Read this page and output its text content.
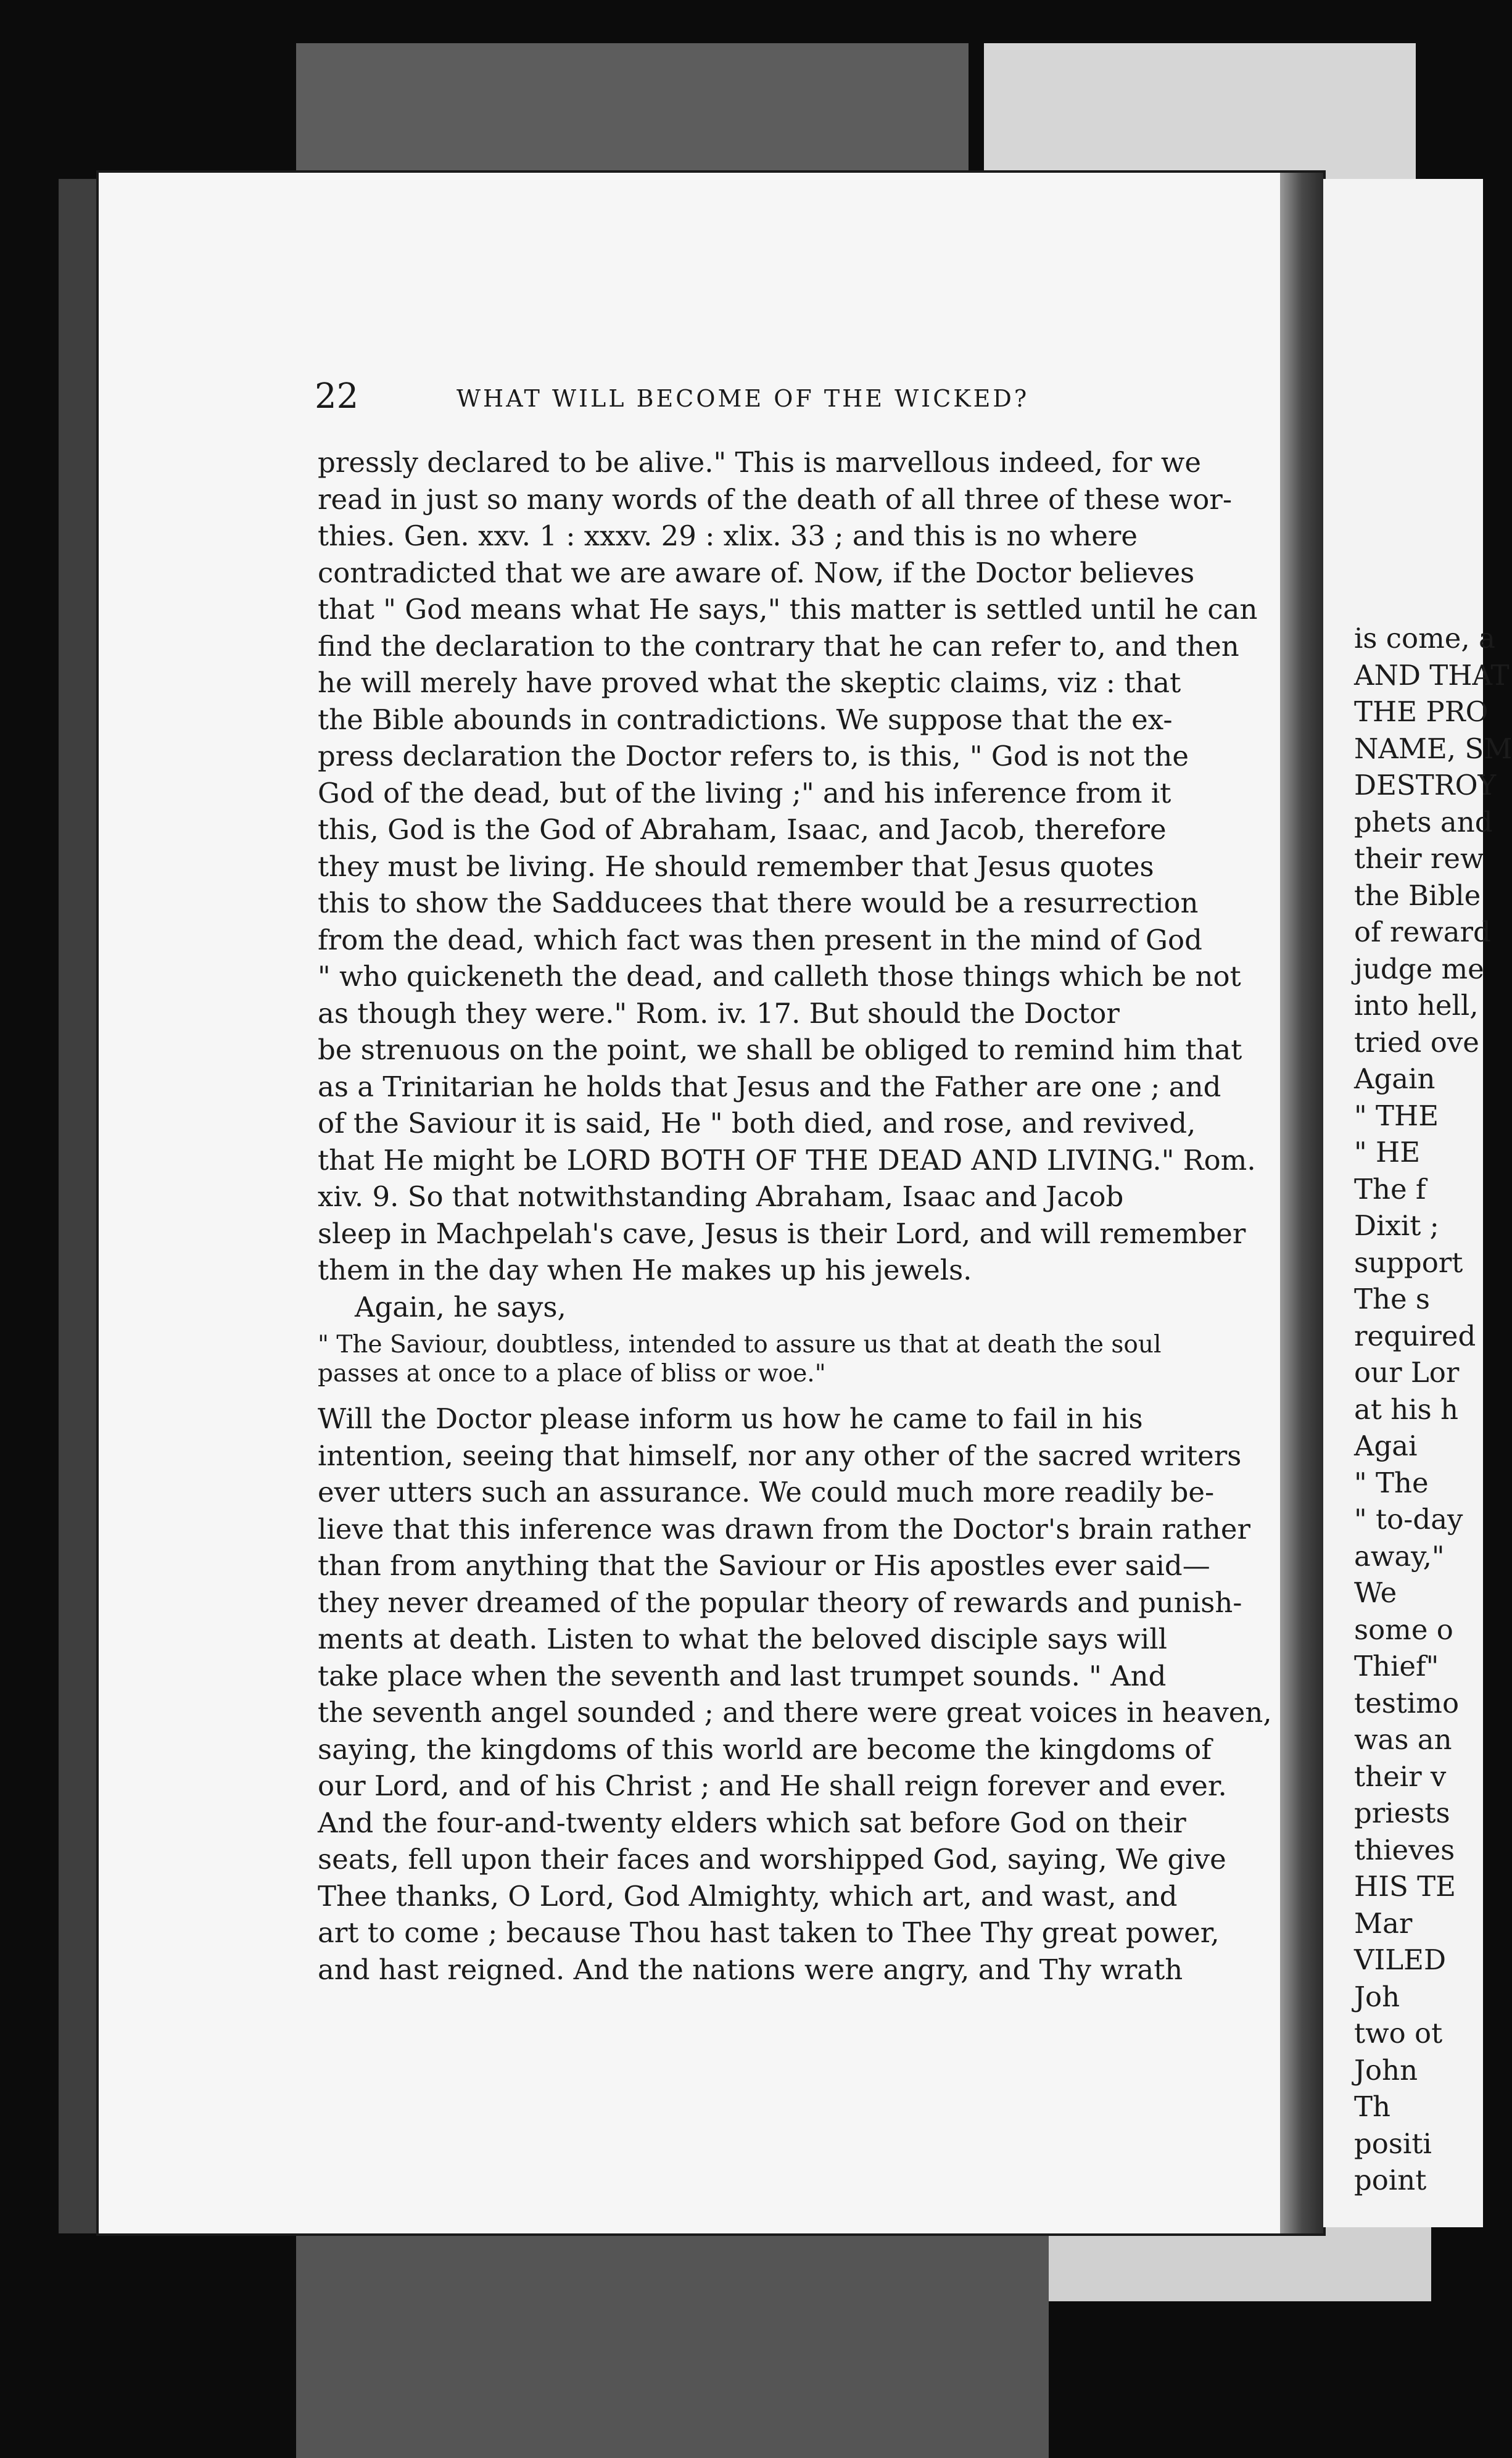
is come, a
AND THAT
THE PRO
NAME, SM
DESTROY
phets and
their rew
the Bible
of reward
judge me
into hell,
tried ove
Again
" THE
" HE
The f
Dixit ;
support
The s
required
our Lor
at his h
Agai
" The
" to-day
away,"
We
some o
Thief"
testimo
was an
their v
priests
thieves
HIS TE
Mar
VILED
Joh
two ot
John
Th
positi
point
22	WHAT WILL BECOME OF THE WICKED?
pressly declared to be alive." This is marvellous indeed, for we
read in just so many words of the death of all three of these wor-
thies. Gen. xxv. 1 : xxxv. 29 : xlix. 33 ; and this is no where
contradicted that we are aware of. Now, if the Doctor believes
that " God means what He says," this matter is settled until he can
find the declaration to the contrary that he can refer to, and then
he will merely have proved what the skeptic claims, viz : that
the Bible abounds in contradictions. We suppose that the ex-
press declaration the Doctor refers to, is this, " God is not the
God of the dead, but of the living ;" and his inference from it
this, God is the God of Abraham, Isaac, and Jacob, therefore
they must be living. He should remember that Jesus quotes
this to show the Sadducees that there would be a resurrection
from the dead, which fact was then present in the mind of God
" who quickeneth the dead, and calleth those things which be not
as though they were." Rom. iv. 17. But should the Doctor
be strenuous on the point, we shall be obliged to remind him that
as a Trinitarian he holds that Jesus and the Father are one ; and
of the Saviour it is said, He " both died, and rose, and revived,
that He might be LORD BOTH OF THE DEAD AND LIVING." Rom.
xiv. 9. So that notwithstanding Abraham, Isaac and Jacob
sleep in Machpelah's cave, Jesus is their Lord, and will remember
them in the day when He makes up his jewels.
Again, he says,
" The Saviour, doubtless, intended to assure us that at death the soul
passes at once to a place of bliss or woe."
Will the Doctor please inform us how he came to fail in his
intention, seeing that himself, nor any other of the sacred writers
ever utters such an assurance. We could much more readily be-
lieve that this inference was drawn from the Doctor's brain rather
than from anything that the Saviour or His apostles ever said—
they never dreamed of the popular theory of rewards and punish-
ments at death. Listen to what the beloved disciple says will
take place when the seventh and last trumpet sounds. " And
the seventh angel sounded ; and there were great voices in heaven,
saying, the kingdoms of this world are become the kingdoms of
our Lord, and of his Christ ; and He shall reign forever and ever.
And the four-and-twenty elders which sat before God on their
seats, fell upon their faces and worshipped God, saying, We give
Thee thanks, O Lord, God Almighty, which art, and wast, and
art to come ; because Thou hast taken to Thee Thy great power,
and hast reigned. And the nations were angry, and Thy wrath
